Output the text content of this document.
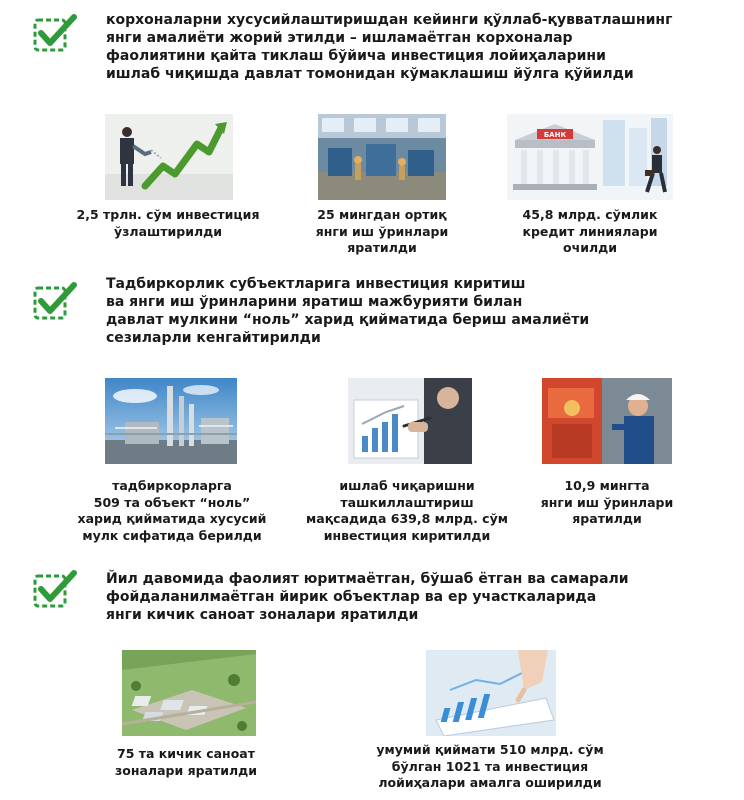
корхоналарни хусусийлаштиришдан кейинги қўллаб-қувватлашнинг
янги амалиёти жорий этилди – ишламаётган корхоналар
фаолиятини қайта тиклаш бўйича инвестиция лойиҳаларини
ишлаб чиқишда давлат томонидан кўмаклашиш йўлга қўйилди
2,5 трлн. сўм инвестиция
ўзлаштирилди
25 мингдан ортиқ
янги иш ўринлари
яратилди
БАНК
45,8 млрд. сўмлик
кредит линиялари
очилди
Тадбиркорлик субъектларига инвестиция киритиш
ва янги иш ўринларини яратиш мажбурияти билан
давлат мулкини “ноль” харид қийматида бериш амалиёти
сезиларли кенгайтирилди
тадбиркорларга
509 та объект “ноль”
харид қийматида хусусий
мулк сифатида берилди
ишлаб чиқаришни
ташкиллаштириш
мақсадида 639,8 млрд. сўм
инвестиция киритилди
10,9 мингта
янги иш ўринлари
яратилди
Йил давомида фаолият юритмаётган, бўшаб ётган ва самарали
фойдаланилмаётган йирик объектлар ва ер участкаларида
янги кичик саноат зоналари яратилди
75 та кичик саноат
зоналари яратилди
умумий қиймати 510 млрд. сўм
бўлган 1021 та инвестиция
лойиҳалари амалга оширилди
